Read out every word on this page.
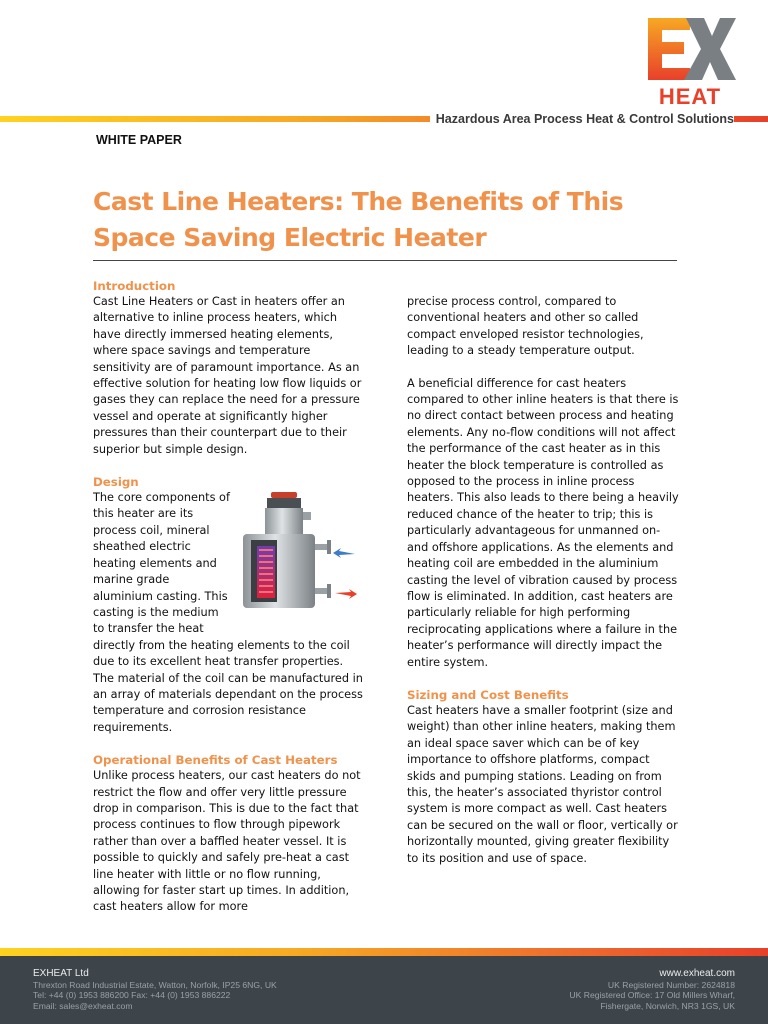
HEAT
Hazardous Area Process Heat & Control Solutions
WHITE PAPER
Cast Line Heaters: The Benefits of This Space Saving Electric Heater
Introduction

Cast Line Heaters or Cast in heaters offer an alternative to inline process heaters, which have directly immersed heating elements, where space savings and temperature sensitivity are of paramount importance. As an effective solution for heating low flow liquids or gases they can replace the need for a pressure vessel and operate at significantly higher pressures than their counterpart due to their superior but simple design.

Design

The core components of this heater are its process coil, mineral sheathed electric heating elements and marine grade aluminium casting. This casting is the medium to transfer the heat directly from the heating elements to the coil due to its excellent heat transfer properties. The material of the coil can be manufactured in an array of materials dependant on the process temperature and corrosion resistance requirements.

Operational Benefits of Cast Heaters

Unlike process heaters, our cast heaters do not restrict the flow and offer very little pressure drop in comparison. This is due to the fact that process continues to flow through pipework rather than over a baffled heater vessel. It is possible to quickly and safely pre-heat a cast line heater with little or no flow running, allowing for faster start up times. In addition, cast heaters allow for more

precise process control, compared to conventional heaters and other so called compact enveloped resistor technologies, leading to a steady temperature output.

A beneficial difference for cast heaters compared to other inline heaters is that there is no direct contact between process and heating elements. Any no-flow conditions will not affect the performance of the cast heater as in this heater the block temperature is controlled as opposed to the process in inline process heaters. This also leads to there being a heavily reduced chance of the heater to trip; this is particularly advantageous for unmanned on- and offshore applications. As the elements and heating coil are embedded in the aluminium casting the level of vibration caused by process flow is eliminated. In addition, cast heaters are particularly reliable for high performing reciprocating applications where a failure in the heater’s performance will directly impact the entire system.

Sizing and Cost Benefits

Cast heaters have a smaller footprint (size and weight) than other inline heaters, making them an ideal space saver which can be of key importance to offshore platforms, compact skids and pumping stations. Leading on from this, the heater’s associated thyristor control system is more compact as well. Cast heaters can be secured on the wall or floor, vertically or horizontally mounted, giving greater flexibility to its position and use of space.

EXHEAT Ltd
Threxton Road Industrial Estate, Watton, Norfolk, IP25 6NG, UK
Tel: +44 (0) 1953 886200 Fax: +44 (0) 1953 886222
Email: sales@exheat.com
www.exheat.com
UK Registered Number: 2624818
UK Registered Office: 17 Old Millers Wharf,
Fishergate, Norwich, NR3 1GS, UK
